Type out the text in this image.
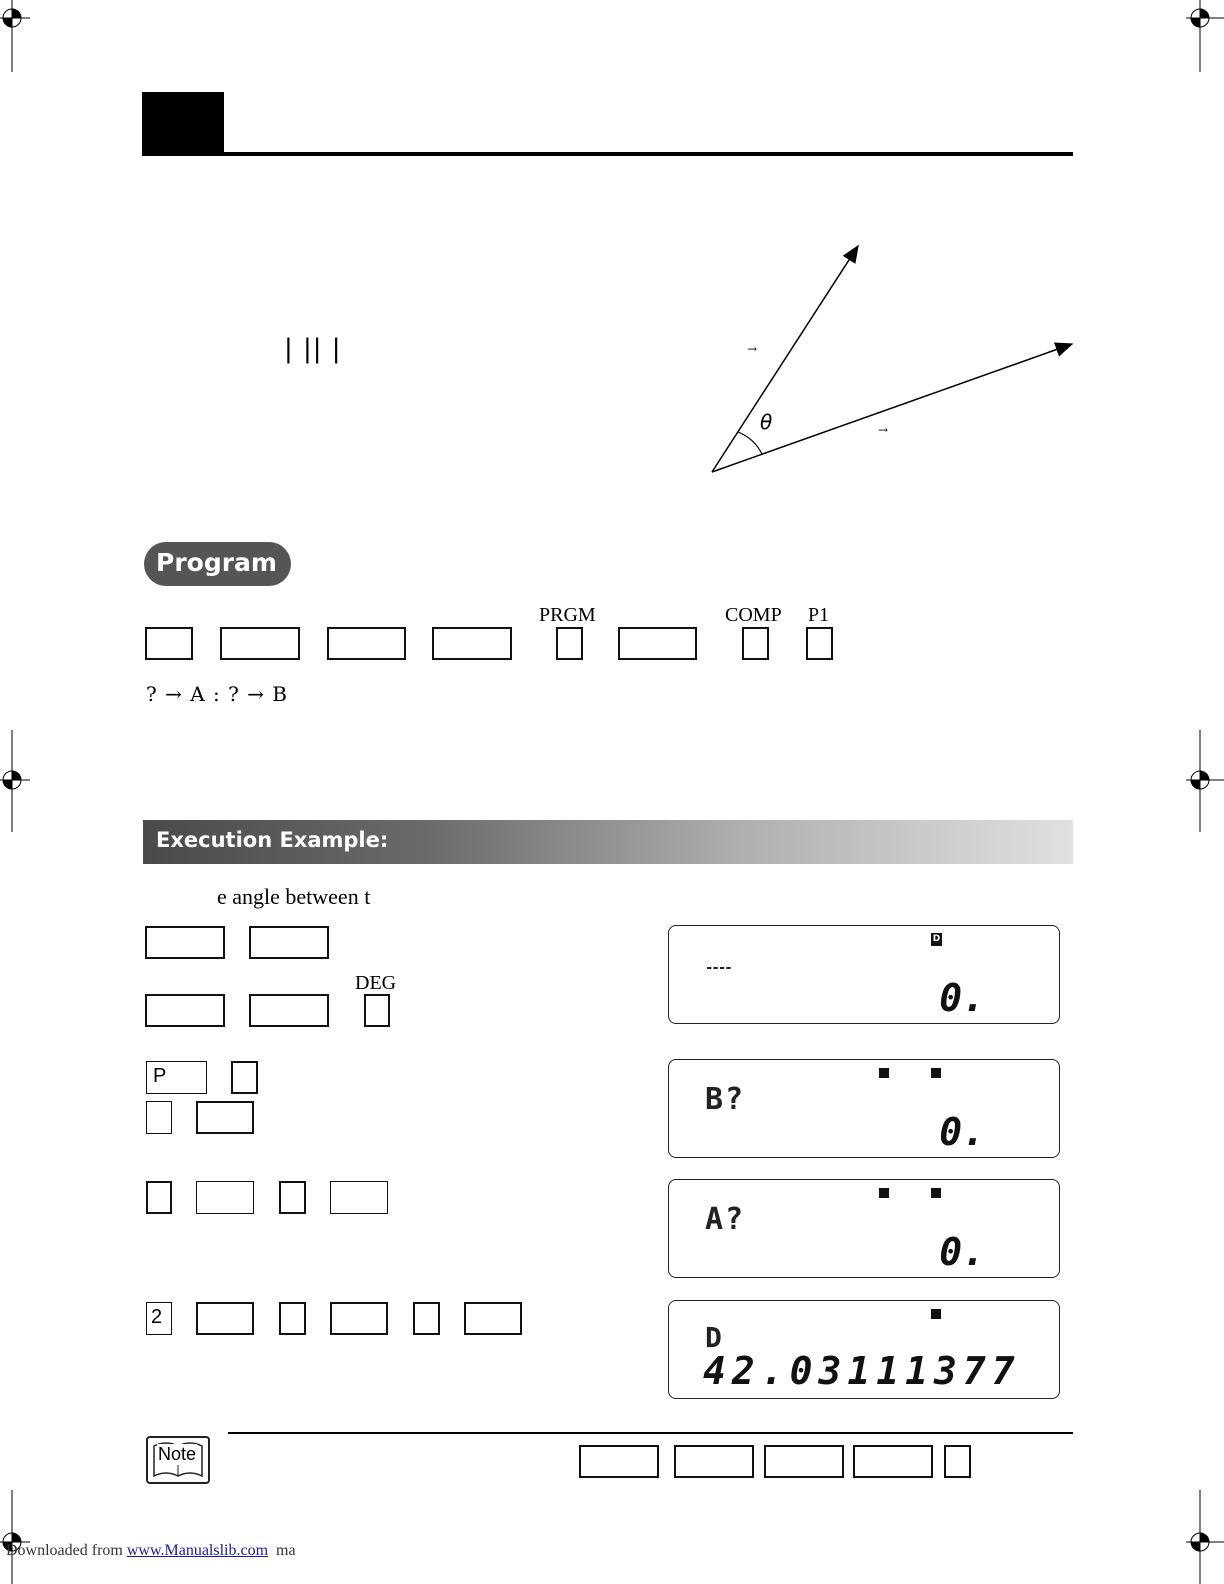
| || |
θ
→
→
Program
PRGM	COMP P1
? → A : ? → B
Execution Example:
e angle between t
DEG
P
2
D
----
0.
B?
0.
A?
0.
D
42.03111377
Note
Downloaded from www.Manualslib.com ma
